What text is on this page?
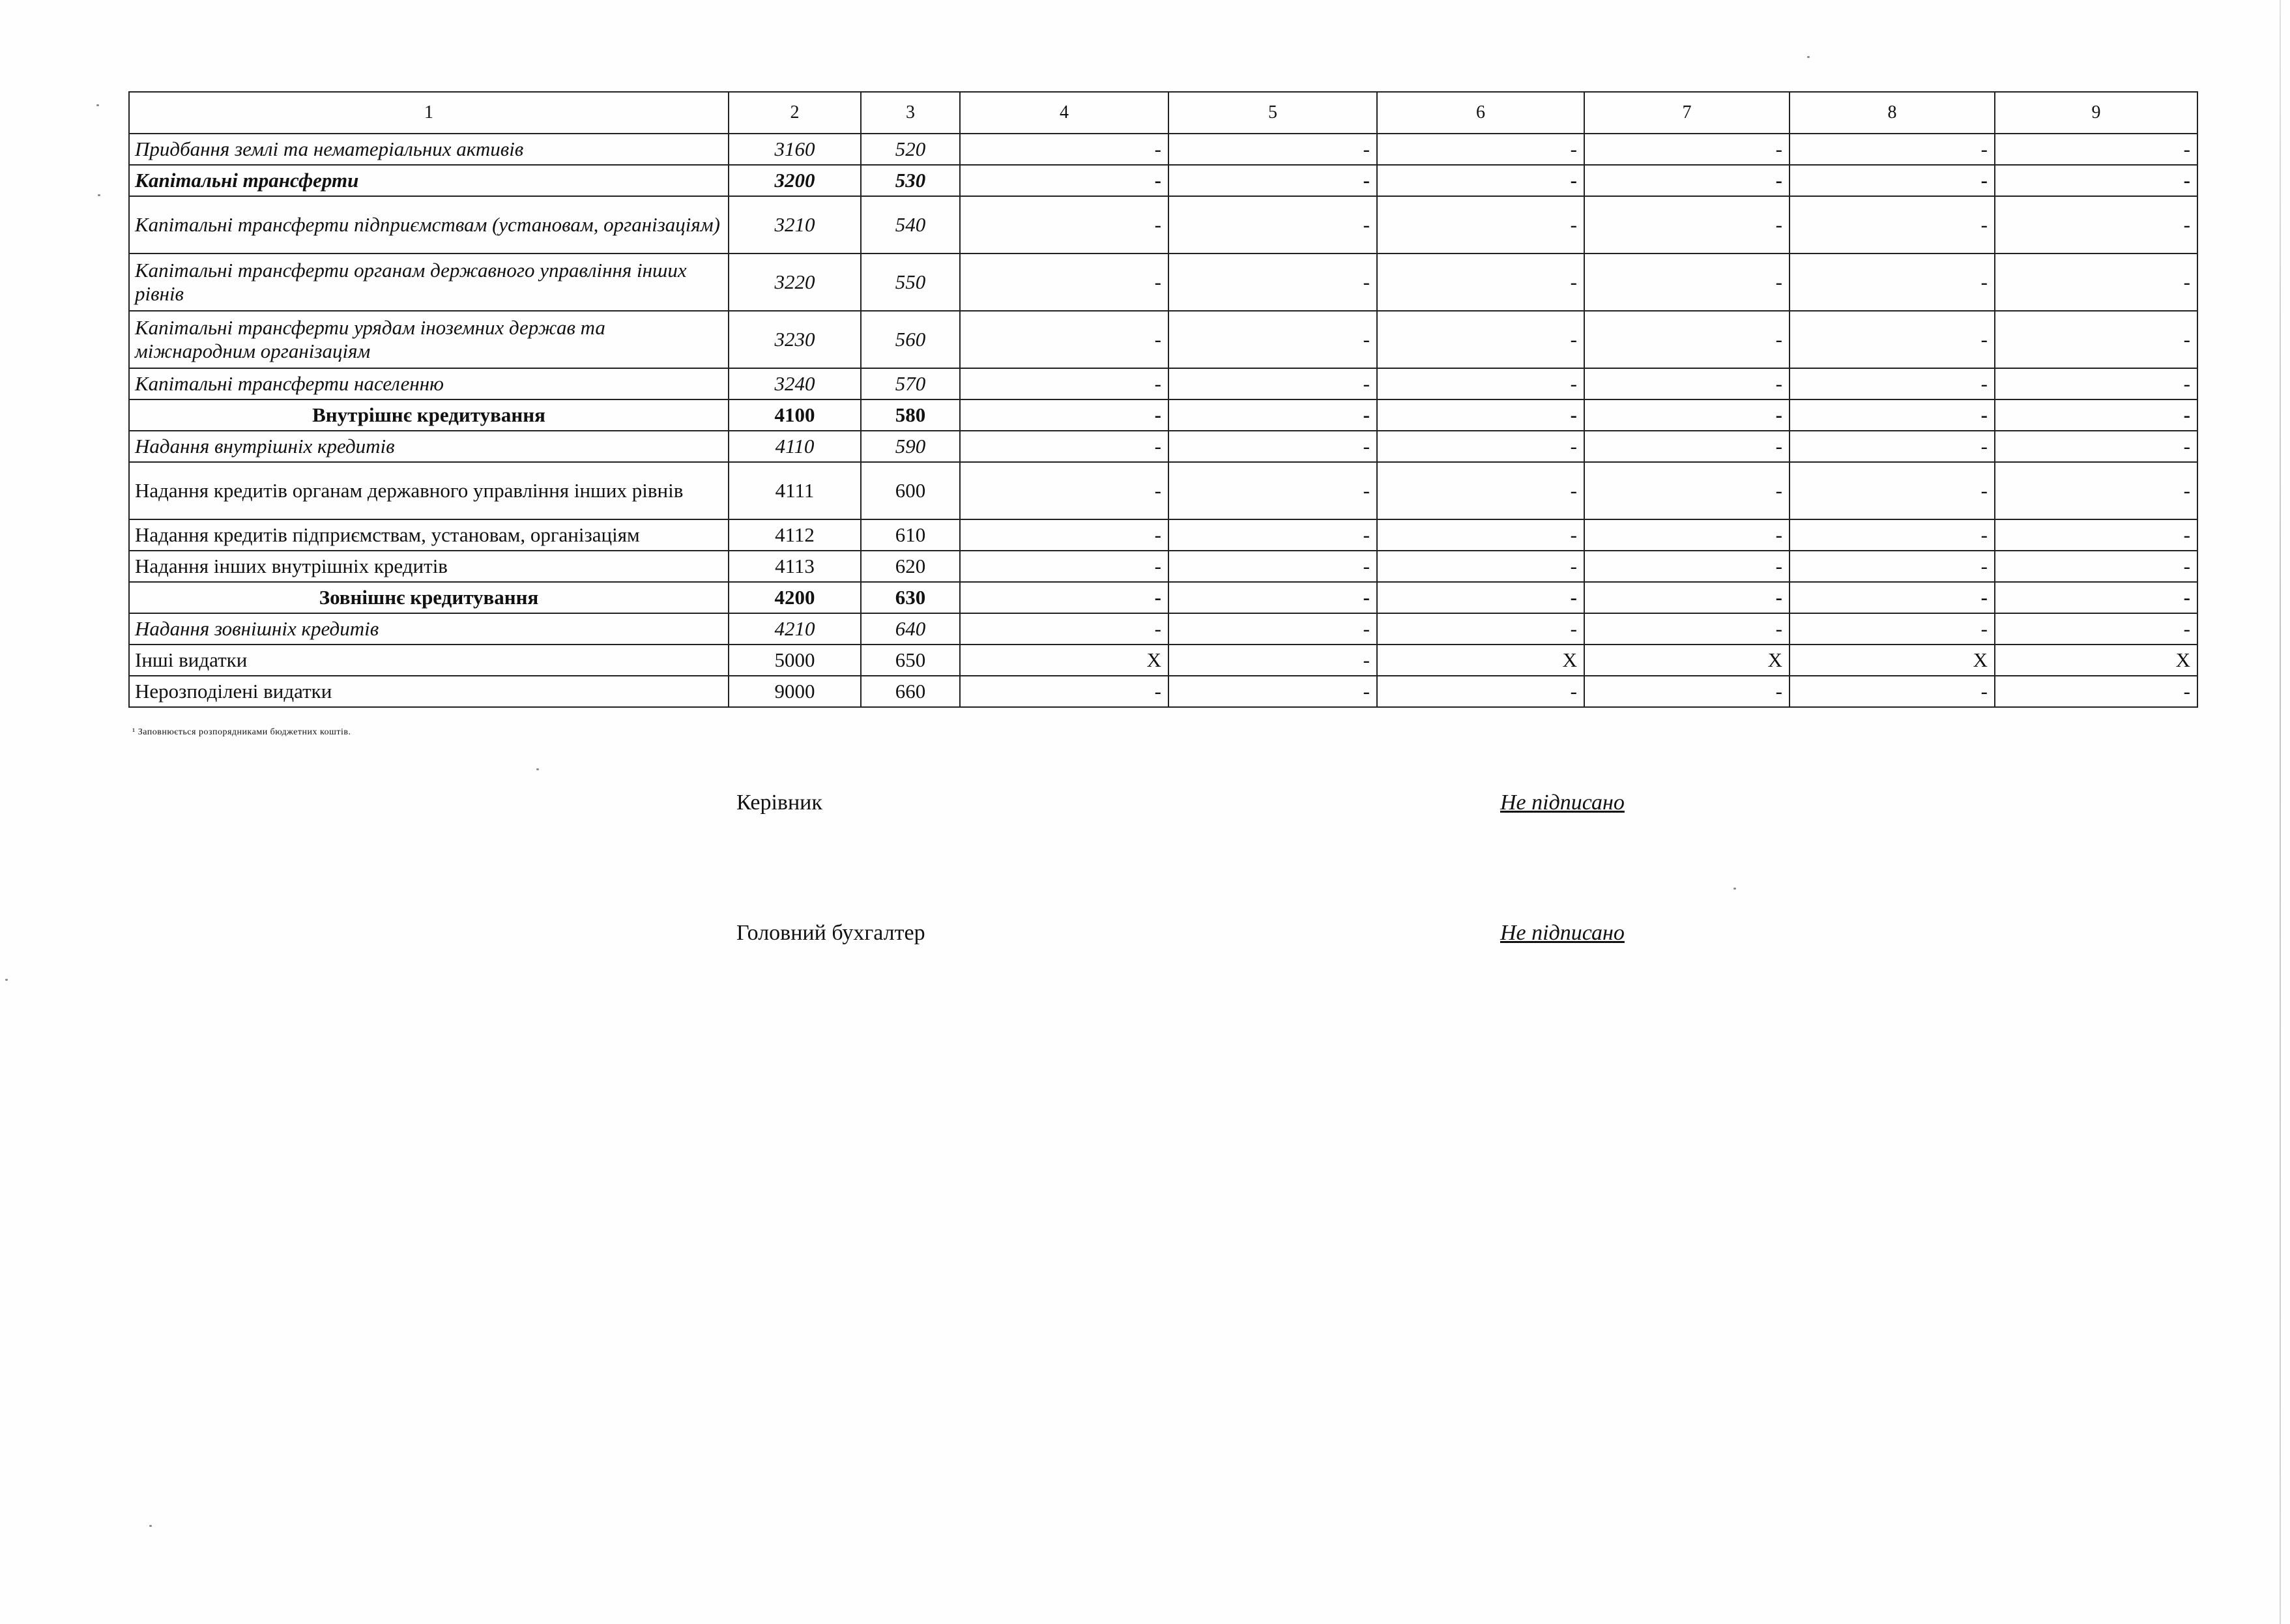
1	2	3	4	5	6	7	8	9
Придбання землі та нематеріальних активів	3160	520	-	-	-	-	-	-
Капітальні трансферти	3200	530	-	-	-	-	-	-
Капітальні трансферти підприємствам (установам, організаціям)	3210	540	-	-	-	-	-	-
Капітальні трансферти органам державного управління інших рівнів	3220	550	-	-	-	-	-	-
Капітальні трансферти урядам іноземних держав та міжнародним організаціям	3230	560	-	-	-	-	-	-
Капітальні трансферти населенню	3240	570	-	-	-	-	-	-
Внутрішнє кредитування	4100	580	-	-	-	-	-	-
Надання внутрішніх кредитів	4110	590	-	-	-	-	-	-
Надання кредитів органам державного управління інших рівнів	4111	600	-	-	-	-	-	-
Надання кредитів підприємствам, установам, організаціям	4112	610	-	-	-	-	-	-
Надання інших внутрішніх кредитів	4113	620	-	-	-	-	-	-
Зовнішнє кредитування	4200	630	-	-	-	-	-	-
Надання зовнішніх кредитів	4210	640	-	-	-	-	-	-
Інші видатки	5000	650	X	-	X	X	X	X
Нерозподілені видатки	9000	660	-	-	-	-	-	-
¹ Заповнюється розпорядниками бюджетних коштів.
Керівник	Не підписано
Головний бухгалтер	Не підписано
